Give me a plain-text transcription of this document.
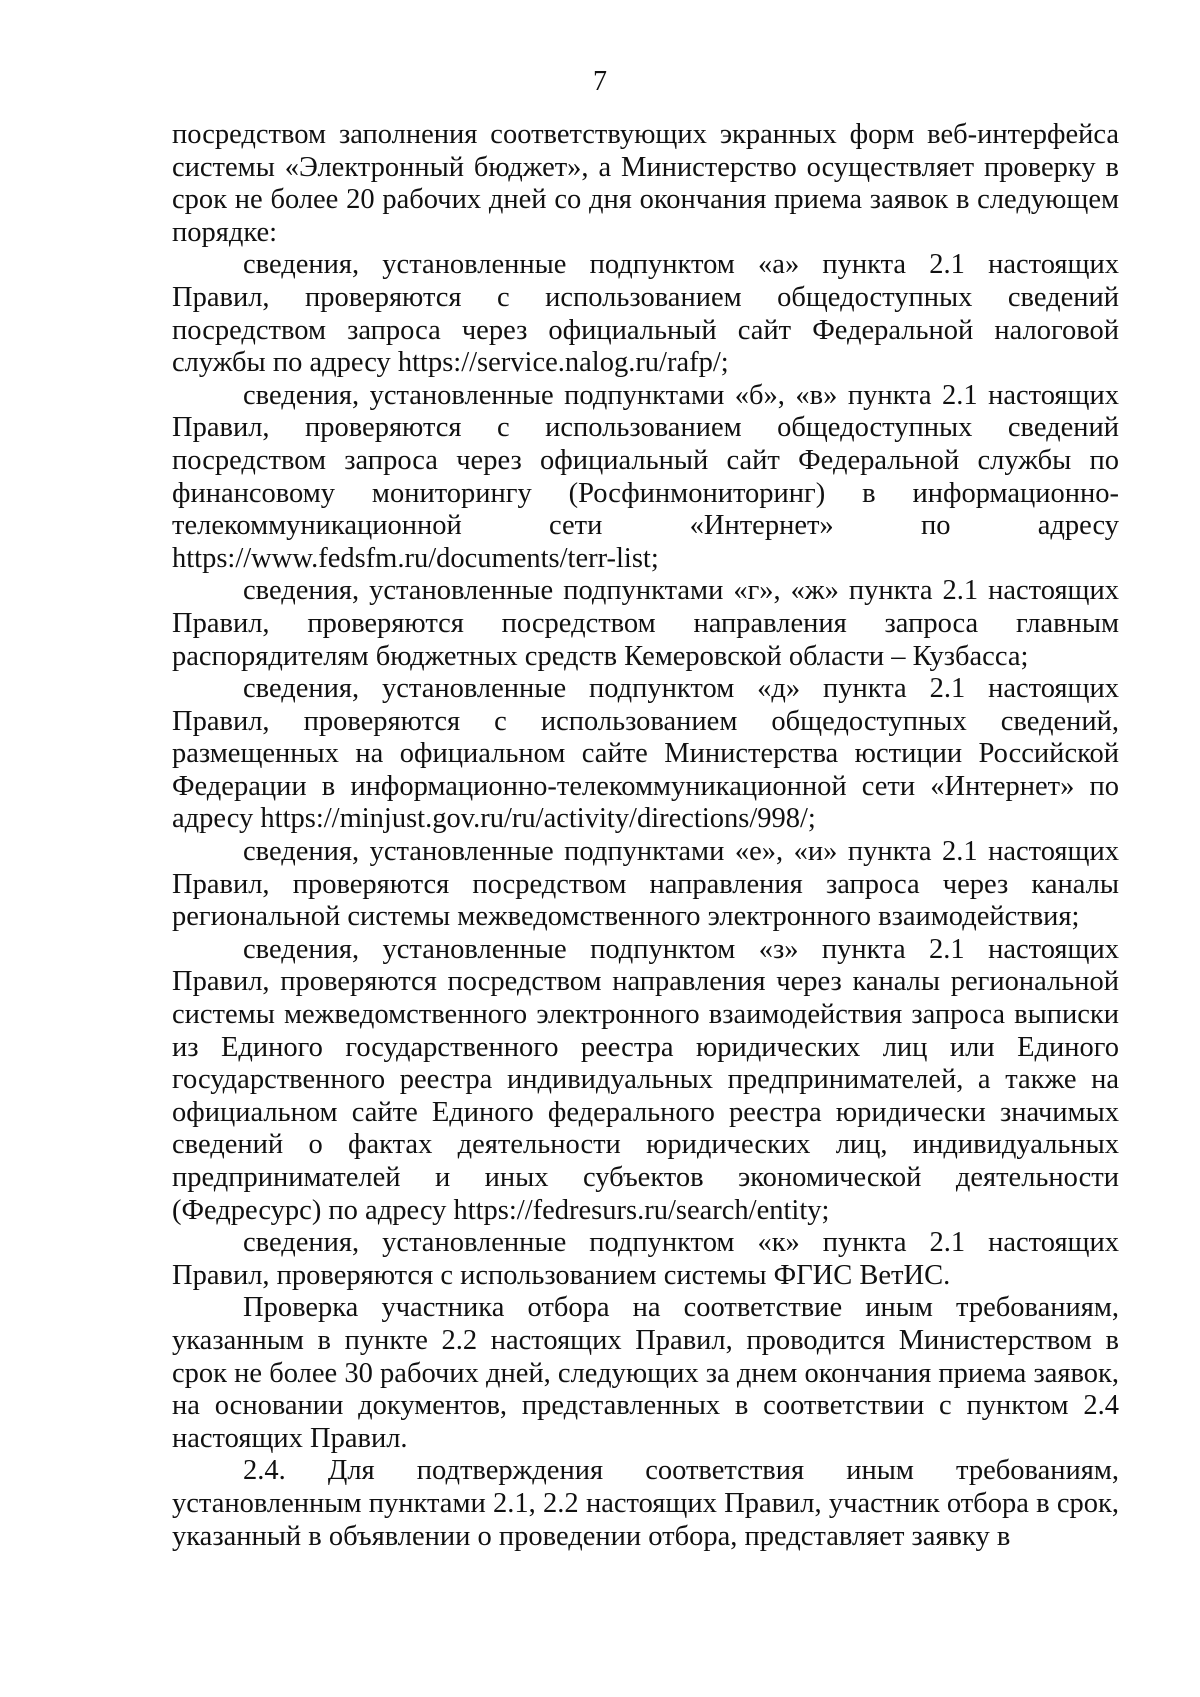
7

посредством заполнения соответствующих экранных форм веб-интерфейса системы «Электронный бюджет», а Министерство осуществляет проверку в срок не более 20 рабочих дней со дня окончания приема заявок в следующем порядке:

сведения, установленные подпунктом «а» пункта 2.1 настоящих Правил, проверяются с использованием общедоступных сведений посредством запроса через официальный сайт Федеральной налоговой службы по адресу https://service.nalog.ru/rafp/;

сведения, установленные подпунктами «б», «в» пункта 2.1 настоящих Правил, проверяются с использованием общедоступных сведений посредством запроса через официальный сайт Федеральной службы по финансовому мониторингу (Росфинмониторинг) в информационно-телекоммуникационной сети «Интернет» по адресу https://www.fedsfm.ru/documents/terr-list;

сведения, установленные подпунктами «г», «ж» пункта 2.1 настоящих Правил, проверяются посредством направления запроса главным распорядителям бюджетных средств Кемеровской области – Кузбасса;

сведения, установленные подпунктом «д» пункта 2.1 настоящих Правил, проверяются с использованием общедоступных сведений, размещенных на официальном сайте Министерства юстиции Российской Федерации в информационно-телекоммуникационной сети «Интернет» по адресу https://minjust.gov.ru/ru/activity/directions/998/;

сведения, установленные подпунктами «е», «и» пункта 2.1 настоящих Правил, проверяются посредством направления запроса через каналы региональной системы межведомственного электронного взаимодействия;

сведения, установленные подпунктом «з» пункта 2.1 настоящих Правил, проверяются посредством направления через каналы региональной системы межведомственного электронного взаимодействия запроса выписки из Единого государственного реестра юридических лиц или Единого государственного реестра индивидуальных предпринимателей, а также на официальном сайте Единого федерального реестра юридически значимых сведений о фактах деятельности юридических лиц, индивидуальных предпринимателей и иных субъектов экономической деятельности (Федресурс) по адресу https://fedresurs.ru/search/entity;

сведения, установленные подпунктом «к» пункта 2.1 настоящих Правил, проверяются с использованием системы ФГИС ВетИС.

Проверка участника отбора на соответствие иным требованиям, указанным в пункте 2.2 настоящих Правил, проводится Министерством в срок не более 30 рабочих дней, следующих за днем окончания приема заявок, на основании документов, представленных в соответствии с пунктом 2.4 настоящих Правил.

2.4. Для подтверждения соответствия иным требованиям, установленным пунктами 2.1, 2.2 настоящих Правил, участник отбора в срок, указанный в объявлении о проведении отбора, представляет заявку в
